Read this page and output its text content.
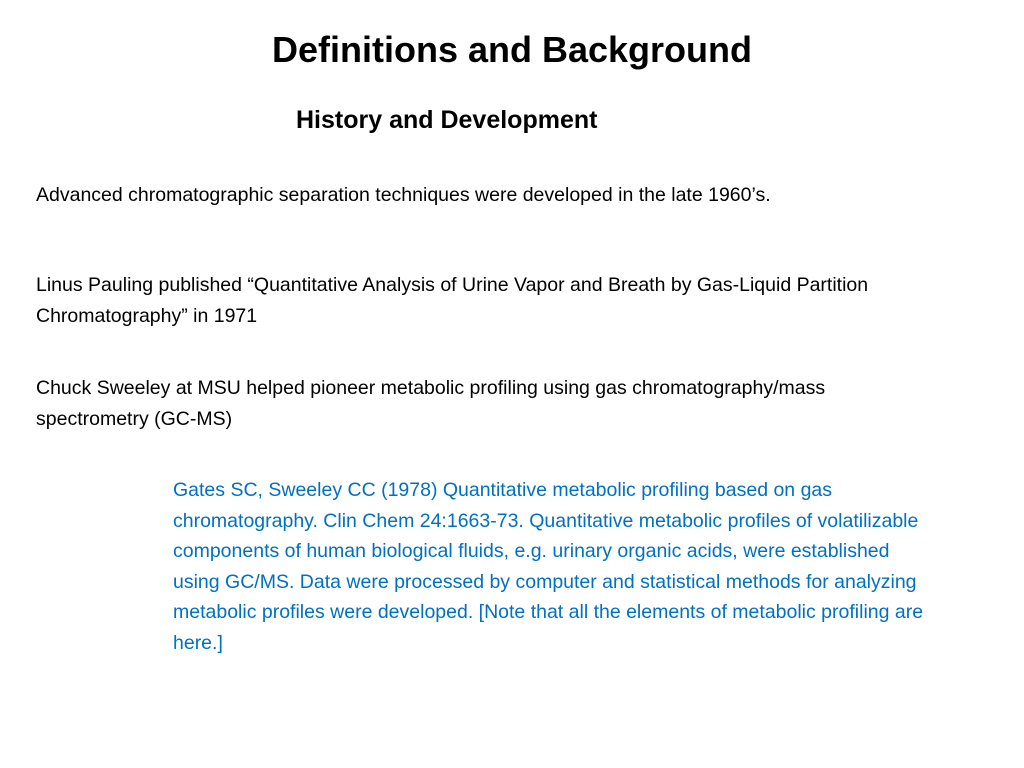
Definitions and Background
History and Development
Advanced chromatographic separation techniques were developed in the late 1960’s.
Linus Pauling published “Quantitative Analysis of Urine Vapor and Breath by Gas-Liquid Partition Chromatography” in 1971
Chuck Sweeley at MSU helped pioneer metabolic profiling using gas chromatography/mass spectrometry (GC-MS)
Gates SC, Sweeley CC (1978) Quantitative metabolic profiling based on gas chromatography. Clin Chem 24:1663-73. Quantitative metabolic profiles of volatilizable components of human biological fluids, e.g. urinary organic acids, were established using GC/MS. Data were processed by computer and statistical methods for analyzing metabolic profiles were developed. [Note that all the elements of metabolic profiling are here.]
